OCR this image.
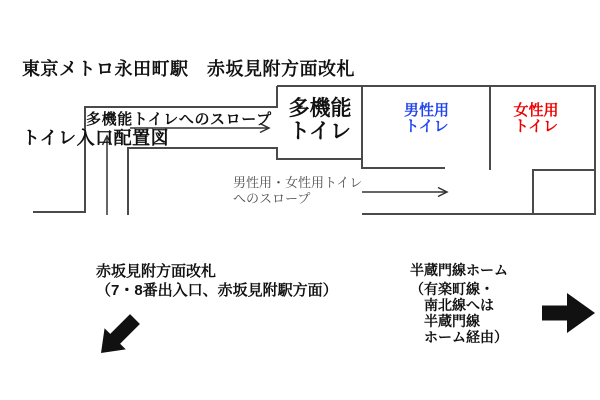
東京メトロ永田町駅　赤坂見附方面改札

トイレ入口配置図

多機能トイレへのスロープ 多機能
トイレ
男性用
トイレ
女性用
トイレ
男性用・女性用トイレ
へのスロープ
赤坂見附方面改札
（7・8番出入口、赤坂見附駅方面）
半蔵門線ホーム
（有楽町線・
南北線へは
半蔵門線
ホーム経由）
